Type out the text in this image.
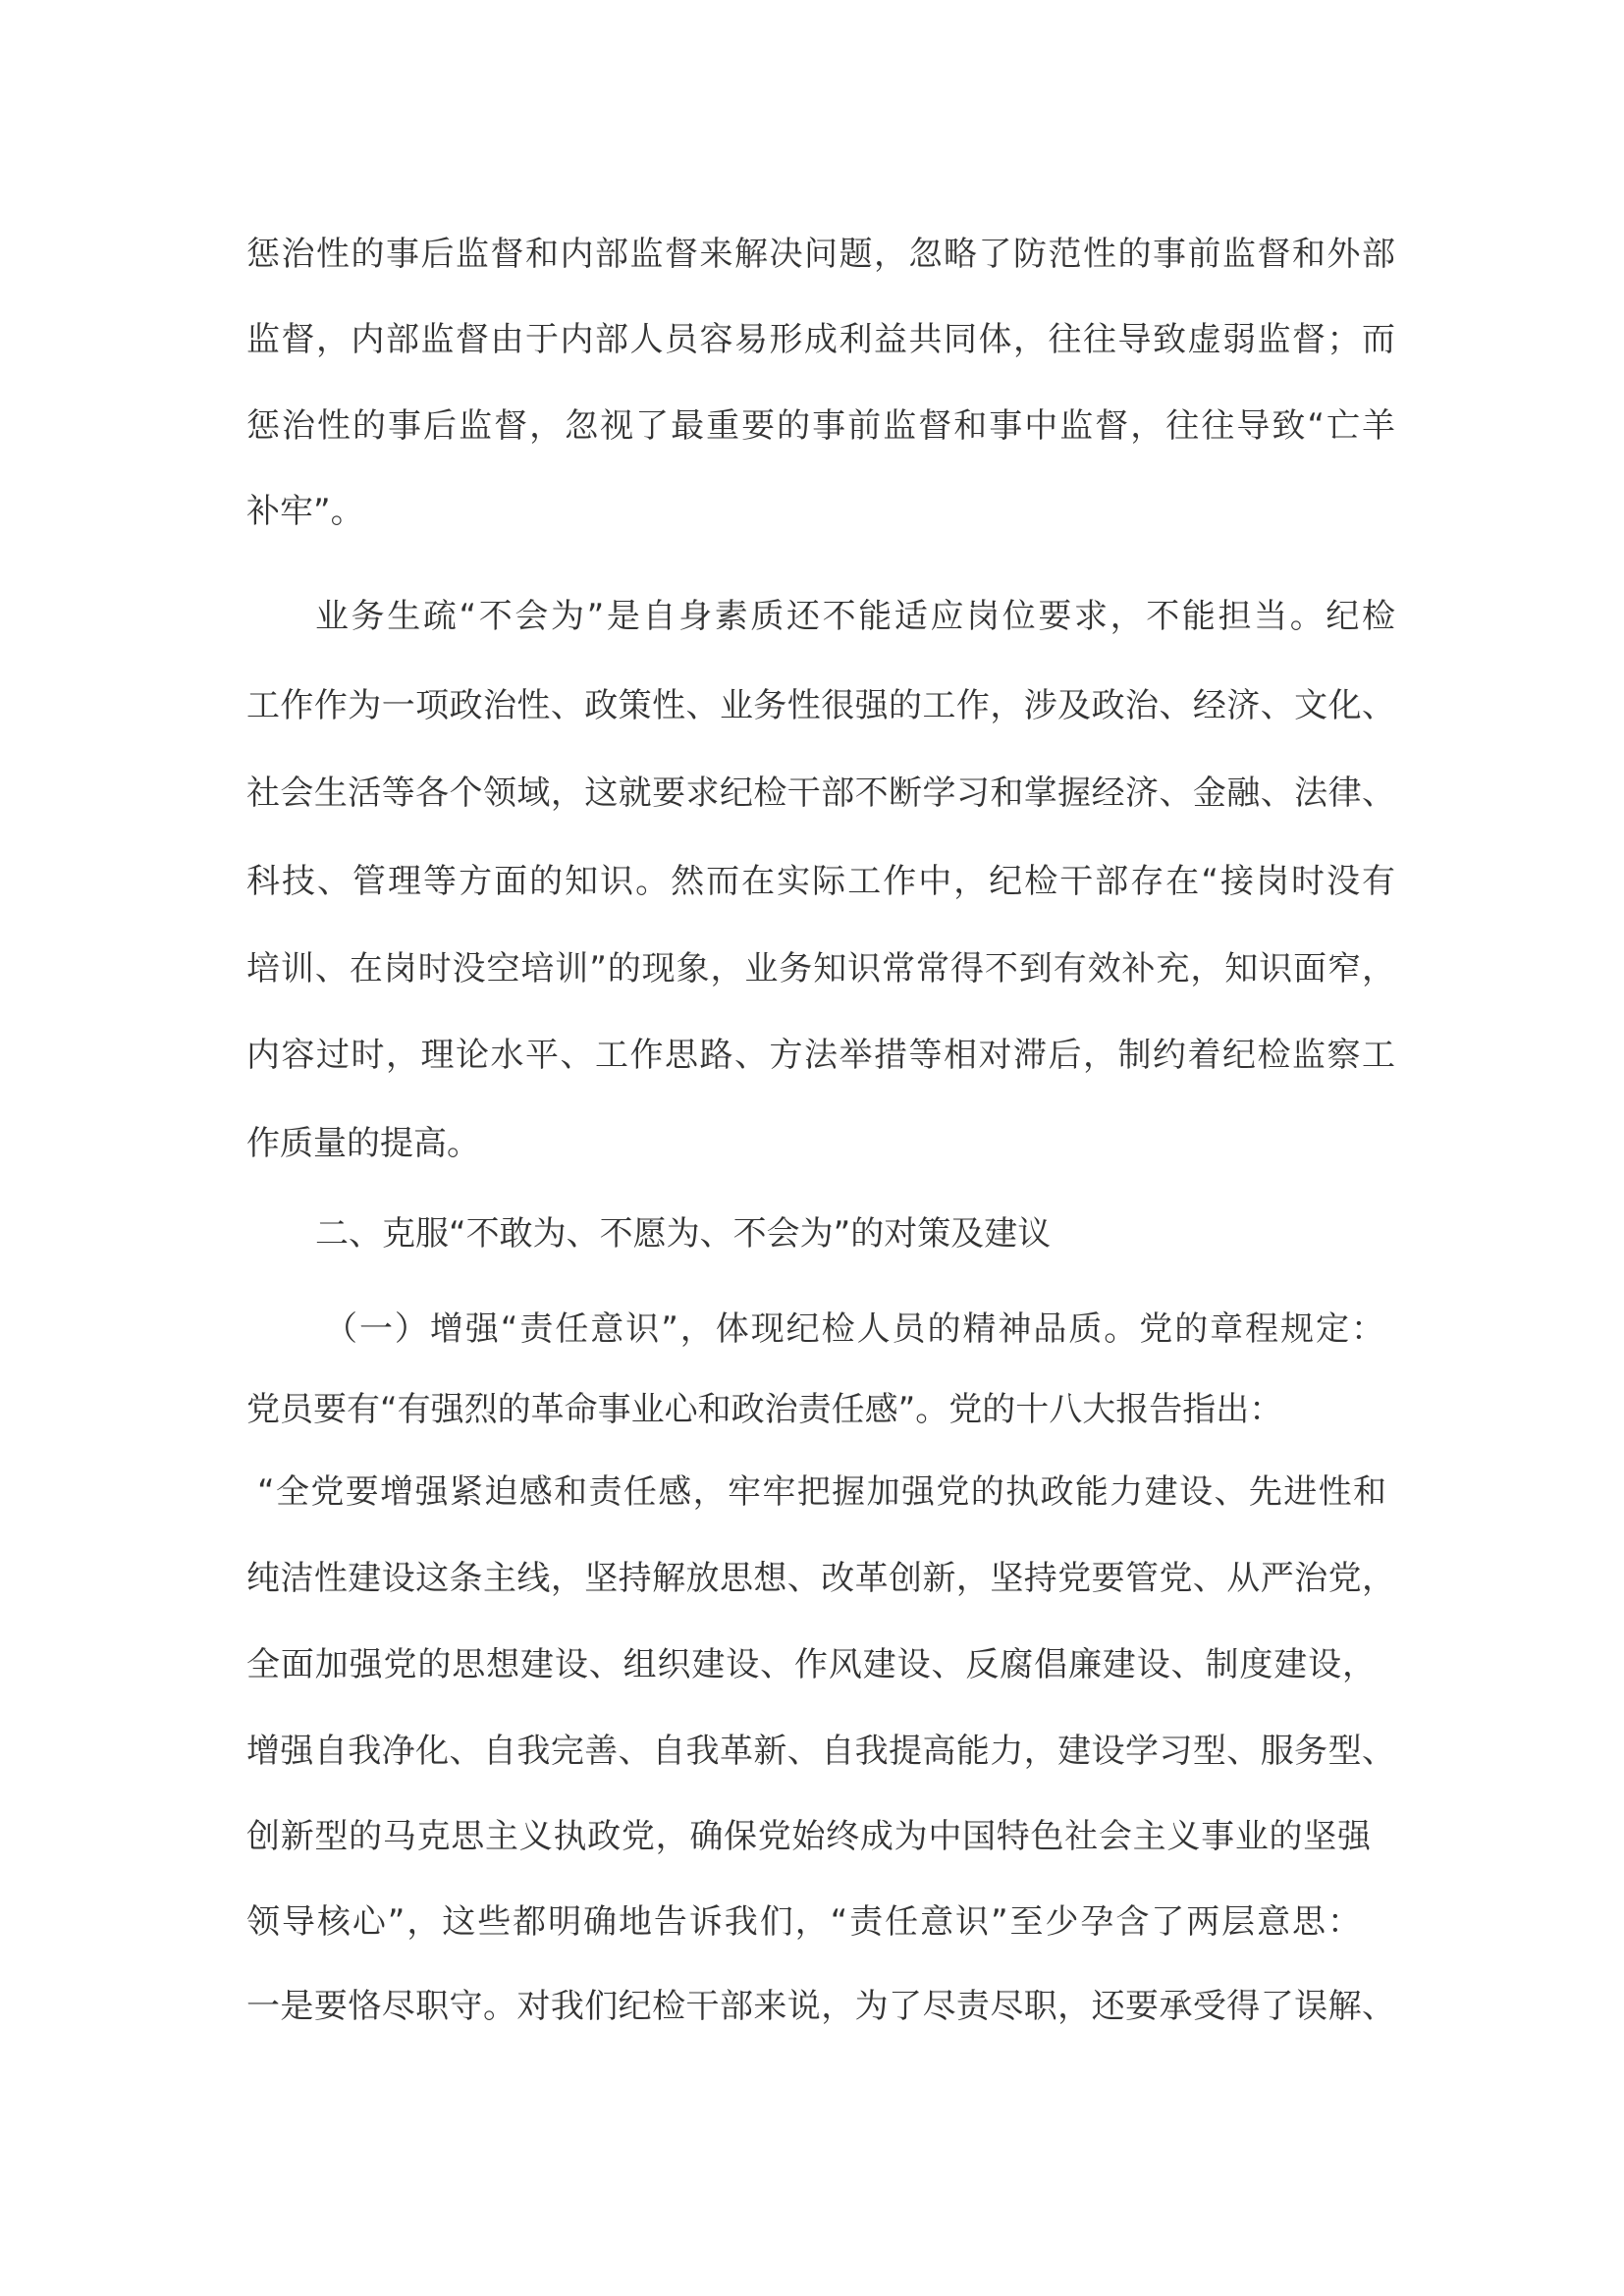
惩治性的事后监督和内部监督来解决问题，忽略了防范性的事前监督和外部
监督，内部监督由于内部人员容易形成利益共同体，往往导致虚弱监督；而
惩治性的事后监督，忽视了最重要的事前监督和事中监督，往往导致“亡羊
补牢”。
业务生疏“不会为”是自身素质还不能适应岗位要求，不能担当。纪检
工作作为一项政治性、政策性、业务性很强的工作，涉及政治、经济、文化、
社会生活等各个领域，这就要求纪检干部不断学习和掌握经济、金融、法律、
科技、管理等方面的知识。然而在实际工作中，纪检干部存在“接岗时没有
培训、在岗时没空培训”的现象，业务知识常常得不到有效补充，知识面窄，
内容过时，理论水平、工作思路、方法举措等相对滞后，制约着纪检监察工
作质量的提高。
二、克服“不敢为、不愿为、不会为”的对策及建议
（一）增强“责任意识”，体现纪检人员的精神品质。党的章程规定：
党员要有“有强烈的革命事业心和政治责任感”。党的十八大报告指出：
“全党要增强紧迫感和责任感，牢牢把握加强党的执政能力建设、先进性和
纯洁性建设这条主线，坚持解放思想、改革创新，坚持党要管党、从严治党，
全面加强党的思想建设、组织建设、作风建设、反腐倡廉建设、制度建设，
增强自我净化、自我完善、自我革新、自我提高能力，建设学习型、服务型、
创新型的马克思主义执政党，确保党始终成为中国特色社会主义事业的坚强
领导核心”，这些都明确地告诉我们，“责任意识”至少孕含了两层意思：
一是要恪尽职守。对我们纪检干部来说，为了尽责尽职，还要承受得了误解、
